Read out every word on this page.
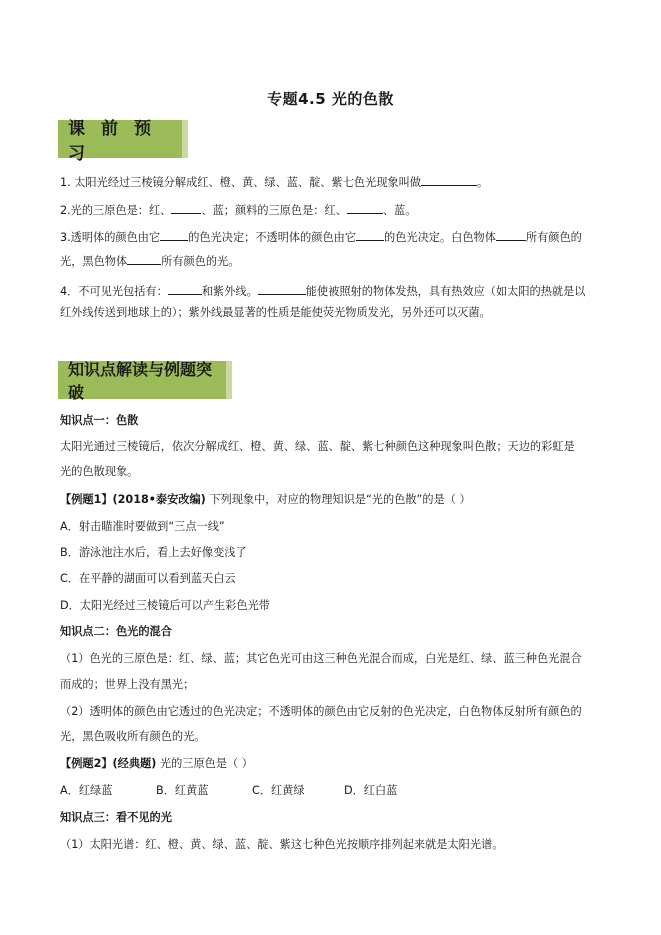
专题4.5 光的色散
课前预习
1. 太阳光经过三棱镜分解成红、橙、黄、绿、蓝、靛、紫七色光现象叫做	。
2.光的三原色是：红、	、蓝；颜料的三原色是：红、	、蓝。
3.透明体的颜色由它	的色光决定；不透明体的颜色由它	的色光决定。白色物体	所有颜色的
光，黑色物体	所有颜色的光。
4．不可见光包括有：	和紫外线。	能使被照射的物体发热，具有热效应（如太阳的热就是以
红外线传送到地球上的）；紫外线最显著的性质是能使荧光物质发光，另外还可以灭菌。
知识点解读与例题突破
知识点一：色散
太阳光通过三棱镜后，依次分解成红、橙、黄、绿、蓝、靛、紫七种颜色这种现象叫色散；天边的彩虹是
光的色散现象。
【例题1】(2018•泰安改编) 下列现象中，对应的物理知识是“光的色散”的是（ ）
A．射击瞄准时要做到“三点一线”
B．游泳池注水后，看上去好像变浅了
C．在平静的湖面可以看到蓝天白云
D．太阳光经过三棱镜后可以产生彩色光带
知识点二：色光的混合
（1）色光的三原色是：红、绿、蓝；其它色光可由这三种色光混合而成，白光是红、绿、蓝三种色光混合
而成的；世界上没有黑光；
（2）透明体的颜色由它透过的色光决定；不透明体的颜色由它反射的色光决定，白色物体反射所有颜色的
光，黑色吸收所有颜色的光。
【例题2】(经典题) 光的三原色是（ ）
A．红绿蓝	B．红黄蓝	C．红黄绿	D．红白蓝
知识点三：看不见的光
（1）太阳光谱：红、橙、黄、绿、蓝、靛、紫这七种色光按顺序排列起来就是太阳光谱。
